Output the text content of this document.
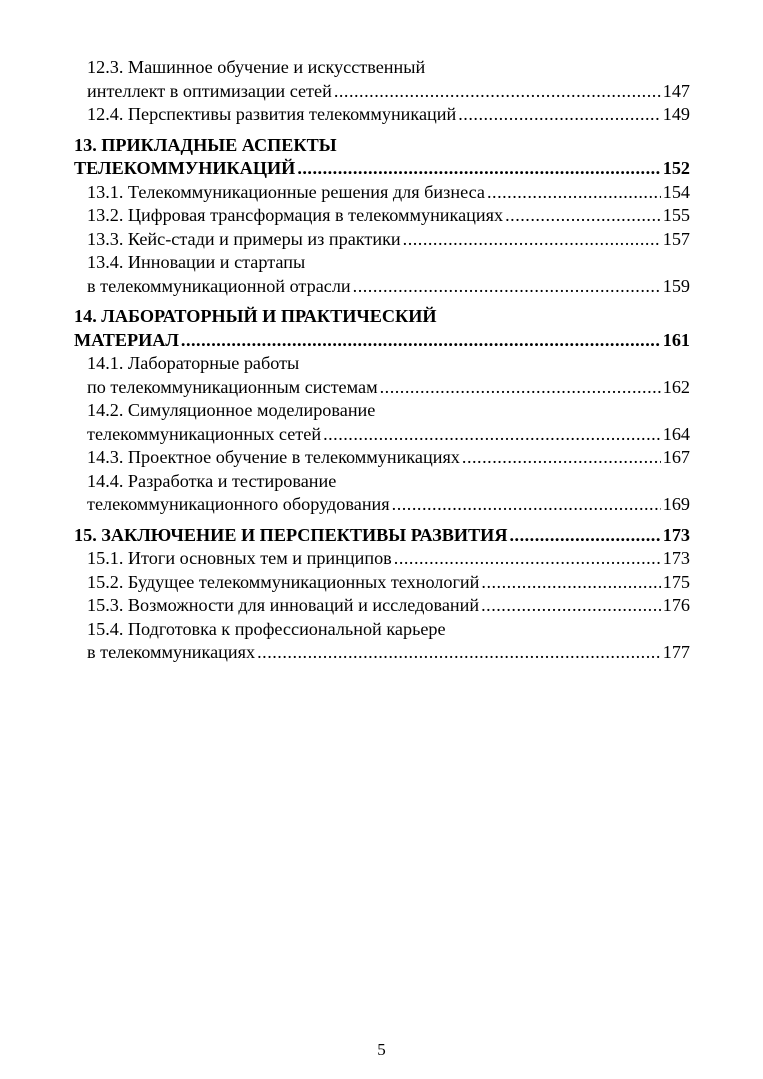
12.3. Машинное обучение и искусственный
интеллект в оптимизации сетей .....	147
12.4. Перспективы развития телекоммуникаций .....	149
13. ПРИКЛАДНЫЕ АСПЕКТЫ
ТЕЛЕКОММУНИКАЦИЙ .....	152
13.1. Телекоммуникационные решения для бизнеса .....	154
13.2. Цифровая трансформация в телекоммуникациях .....	155
13.3. Кейс-стади и примеры из практики .....	157
13.4. Инновации и стартапы
в телекоммуникационной отрасли .....	159
14. ЛАБОРАТОРНЫЙ И ПРАКТИЧЕСКИЙ
МАТЕРИАЛ .....	161
14.1. Лабораторные работы
по телекоммуникационным системам .....	162
14.2. Симуляционное моделирование
телекоммуникационных сетей .....	164
14.3. Проектное обучение в телекоммуникациях .....	167
14.4. Разработка и тестирование
телекоммуникационного оборудования .....	169
15. ЗАКЛЮЧЕНИЕ И ПЕРСПЕКТИВЫ РАЗВИТИЯ .....	173
15.1. Итоги основных тем и принципов .....	173
15.2. Будущее телекоммуникационных технологий .....	175
15.3. Возможности для инноваций и исследований .....	176
15.4. Подготовка к профессиональной карьере
в телекоммуникациях .....	177
5
